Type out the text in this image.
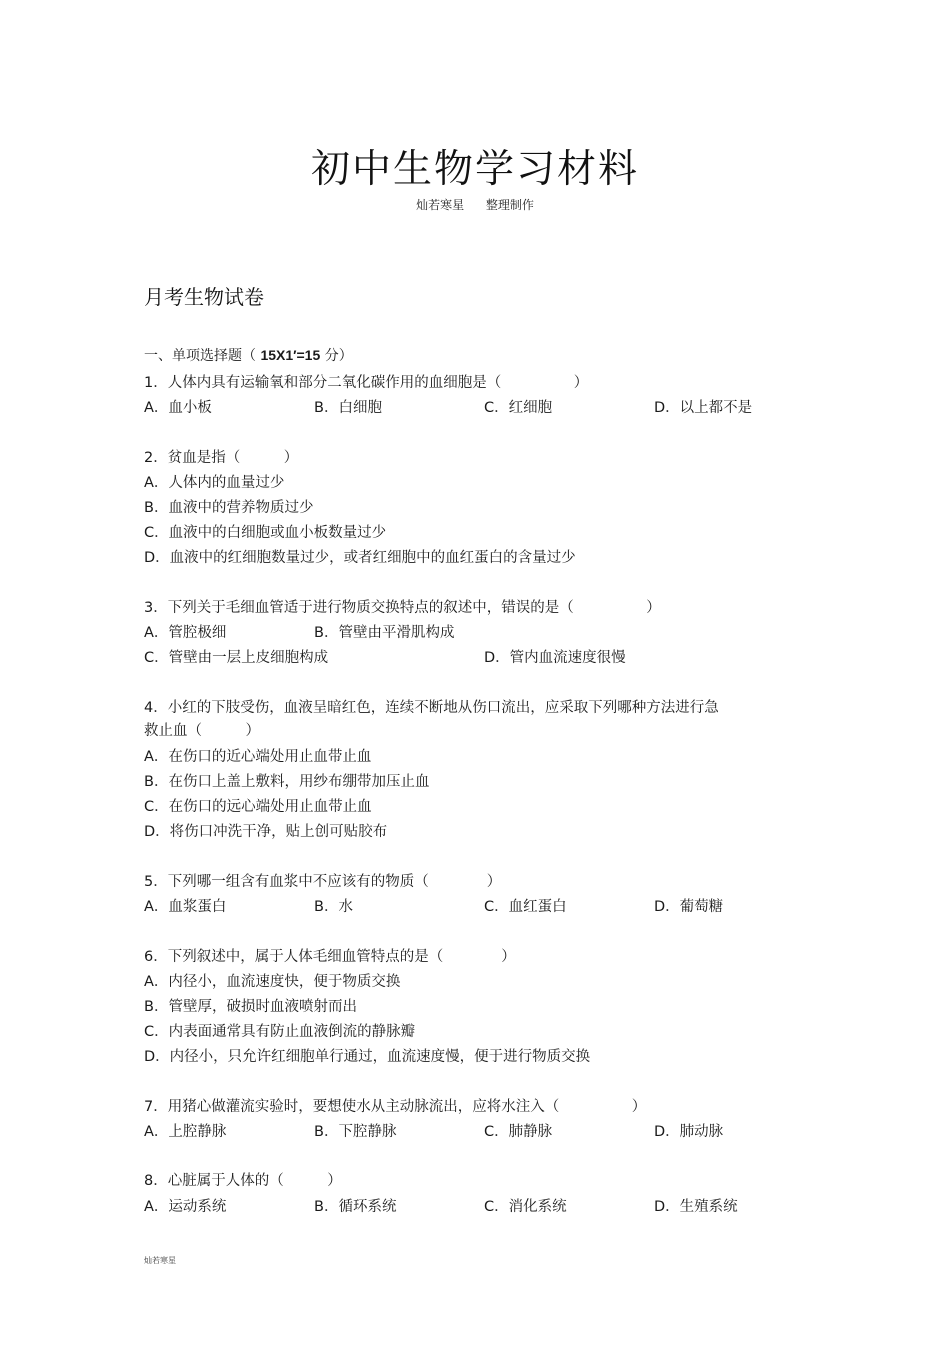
初中生物学习材料
灿若寒星 整理制作
月考生物试卷
一、单项选择题（ 15X1′=15 分）
1．人体内具有运输氧和部分二氧化碳作用的血细胞是（　　　　　）
A．血小板	B．白细胞	C．红细胞	D．以上都不是
2．贫血是指（　　　）
A．人体内的血量过少
B．血液中的营养物质过少
C．血液中的白细胞或血小板数量过少
D．血液中的红细胞数量过少，或者红细胞中的血红蛋白的含量过少
3．下列关于毛细血管适于进行物质交换特点的叙述中，错误的是（　　　　　）
A．管腔极细	B．管壁由平滑肌构成
C．管壁由一层上皮细胞构成	D．管内血流速度很慢
4．小红的下肢受伤，血液呈暗红色，连续不断地从伤口流出，应采取下列哪种方法进行急
救止血（　　　）
A．在伤口的近心端处用止血带止血
B．在伤口上盖上敷料，用纱布绷带加压止血
C．在伤口的远心端处用止血带止血
D．将伤口冲洗干净，贴上创可贴胶布
5．下列哪一组含有血浆中不应该有的物质（　　　　）
A．血浆蛋白	B．水	C．血红蛋白	D．葡萄糖
6．下列叙述中，属于人体毛细血管特点的是（　　　　）
A．内径小，血流速度快，便于物质交换
B．管壁厚，破损时血液喷射而出
C．内表面通常具有防止血液倒流的静脉瓣
D．内径小，只允许红细胞单行通过，血流速度慢，便于进行物质交换
7．用猪心做灌流实验时，要想使水从主动脉流出，应将水注入（　　　　　）
A．上腔静脉	B．下腔静脉	C．肺静脉	D．肺动脉
8．心脏属于人体的（　　　）
A．运动系统	B．循环系统	C．消化系统	D．生殖系统
灿若寒星
